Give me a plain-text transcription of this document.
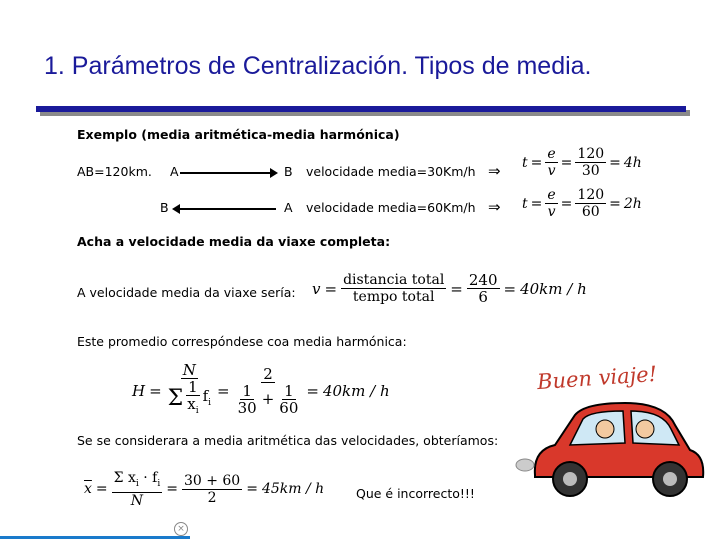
1. Parámetros de Centralización. Tipos de media.
Exemplo (media aritmética-media harmónica)
AB=120km. A	B velocidade media=30Km/h ⇒
B	A velocidade media=60Km/h ⇒
$t = \frac{e}{v} = \frac{120}{30} = 4h$
$t = \frac{e}{v} = \frac{120}{60} = 2h$
Acha a velocidade media da viaxe completa:
A velocidade media da viaxe sería: $v = \frac{\text{distancia total}}{\text{tempo total}} = \frac{240}{6} = 40km / h$
Este promedio correspóndese coa media harmónica:
$H = \frac{N}{\Sigma \frac{1}{x_i} f_i} = \frac{2}{\frac{1}{30} + \frac{1}{60}} = 40km / h$
Se se considerara a media aritmética das velocidades, obteríamos:
$\overline{x} = \frac{\Sigma x_i \cdot f_i}{N} = \frac{30 + 60}{2} = 45km / h$	Que é incorrecto!!!
Buen viaje!
×
